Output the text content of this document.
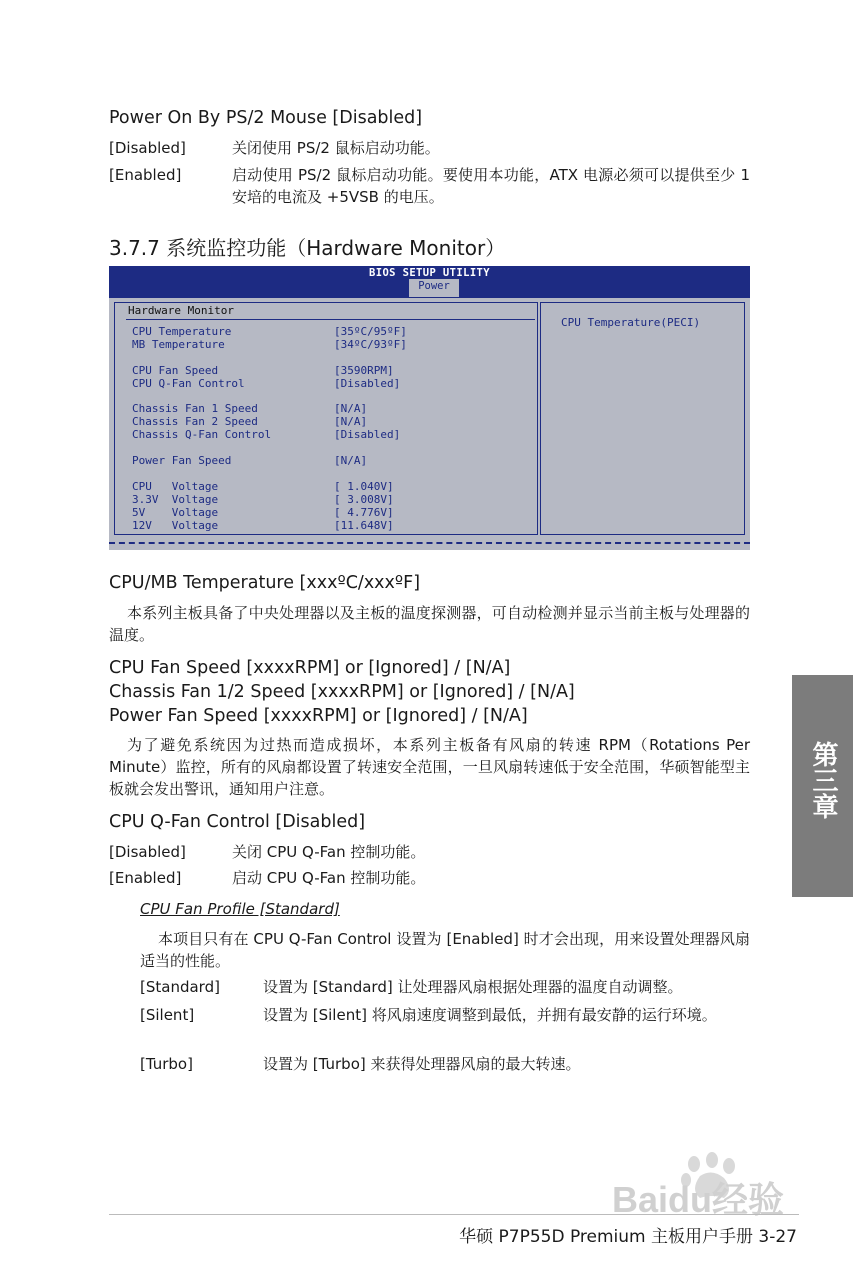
Power On By PS/2 Mouse [Disabled]
[Disabled]	关闭使用 PS/2 鼠标启动功能。
[Enabled]	启动使用 PS/2 鼠标启动功能。要使用本功能，ATX 电源必须可以提供至少 1 安培的电流及 +5VSB 的电压。
3.7.7 系统监控功能（Hardware Monitor）
BIOS SETUP UTILITY
Power
Hardware Monitor
CPU Temperature	[35ºC/95ºF]
MB Temperature	[34ºC/93ºF]
CPU Fan Speed	[3590RPM]
CPU Q-Fan Control	[Disabled]
Chassis Fan 1 Speed	[N/A]
Chassis Fan 2 Speed	[N/A]
Chassis Q-Fan Control	[Disabled]
Power Fan Speed	[N/A]
CPU   Voltage	[ 1.040V]
3.3V  Voltage	[ 3.008V]
5V    Voltage	[ 4.776V]
12V   Voltage	[11.648V]
CPU Temperature(PECI)
CPU/MB Temperature [xxxºC/xxxºF]
本系列主板具备了中央处理器以及主板的温度探测器，可自动检测并显示当前主板与处理器的温度。
CPU Fan Speed [xxxxRPM] or [Ignored] / [N/A]
Chassis Fan 1/2 Speed [xxxxRPM] or [Ignored] / [N/A]
Power Fan Speed [xxxxRPM] or [Ignored] / [N/A]
为了避免系统因为过热而造成损坏，本系列主板备有风扇的转速 RPM（Rotations Per Minute）监控，所有的风扇都设置了转速安全范围，一旦风扇转速低于安全范围，华硕智能型主板就会发出警讯，通知用户注意。
CPU Q-Fan Control [Disabled]
[Disabled]	关闭 CPU Q-Fan 控制功能。
[Enabled]	启动 CPU Q-Fan 控制功能。
CPU Fan Profile [Standard]
本项目只有在 CPU Q-Fan Control 设置为 [Enabled] 时才会出现，用来设置处理器风扇适当的性能。
[Standard]	设置为 [Standard] 让处理器风扇根据处理器的温度自动调整。
[Silent]	设置为 [Silent] 将风扇速度调整到最低，并拥有最安静的运行环境。
[Turbo]	设置为 [Turbo] 来获得处理器风扇的最大转速。
第三章
Baidu经验
华硕 P7P55D Premium 主板用户手册 3-27
